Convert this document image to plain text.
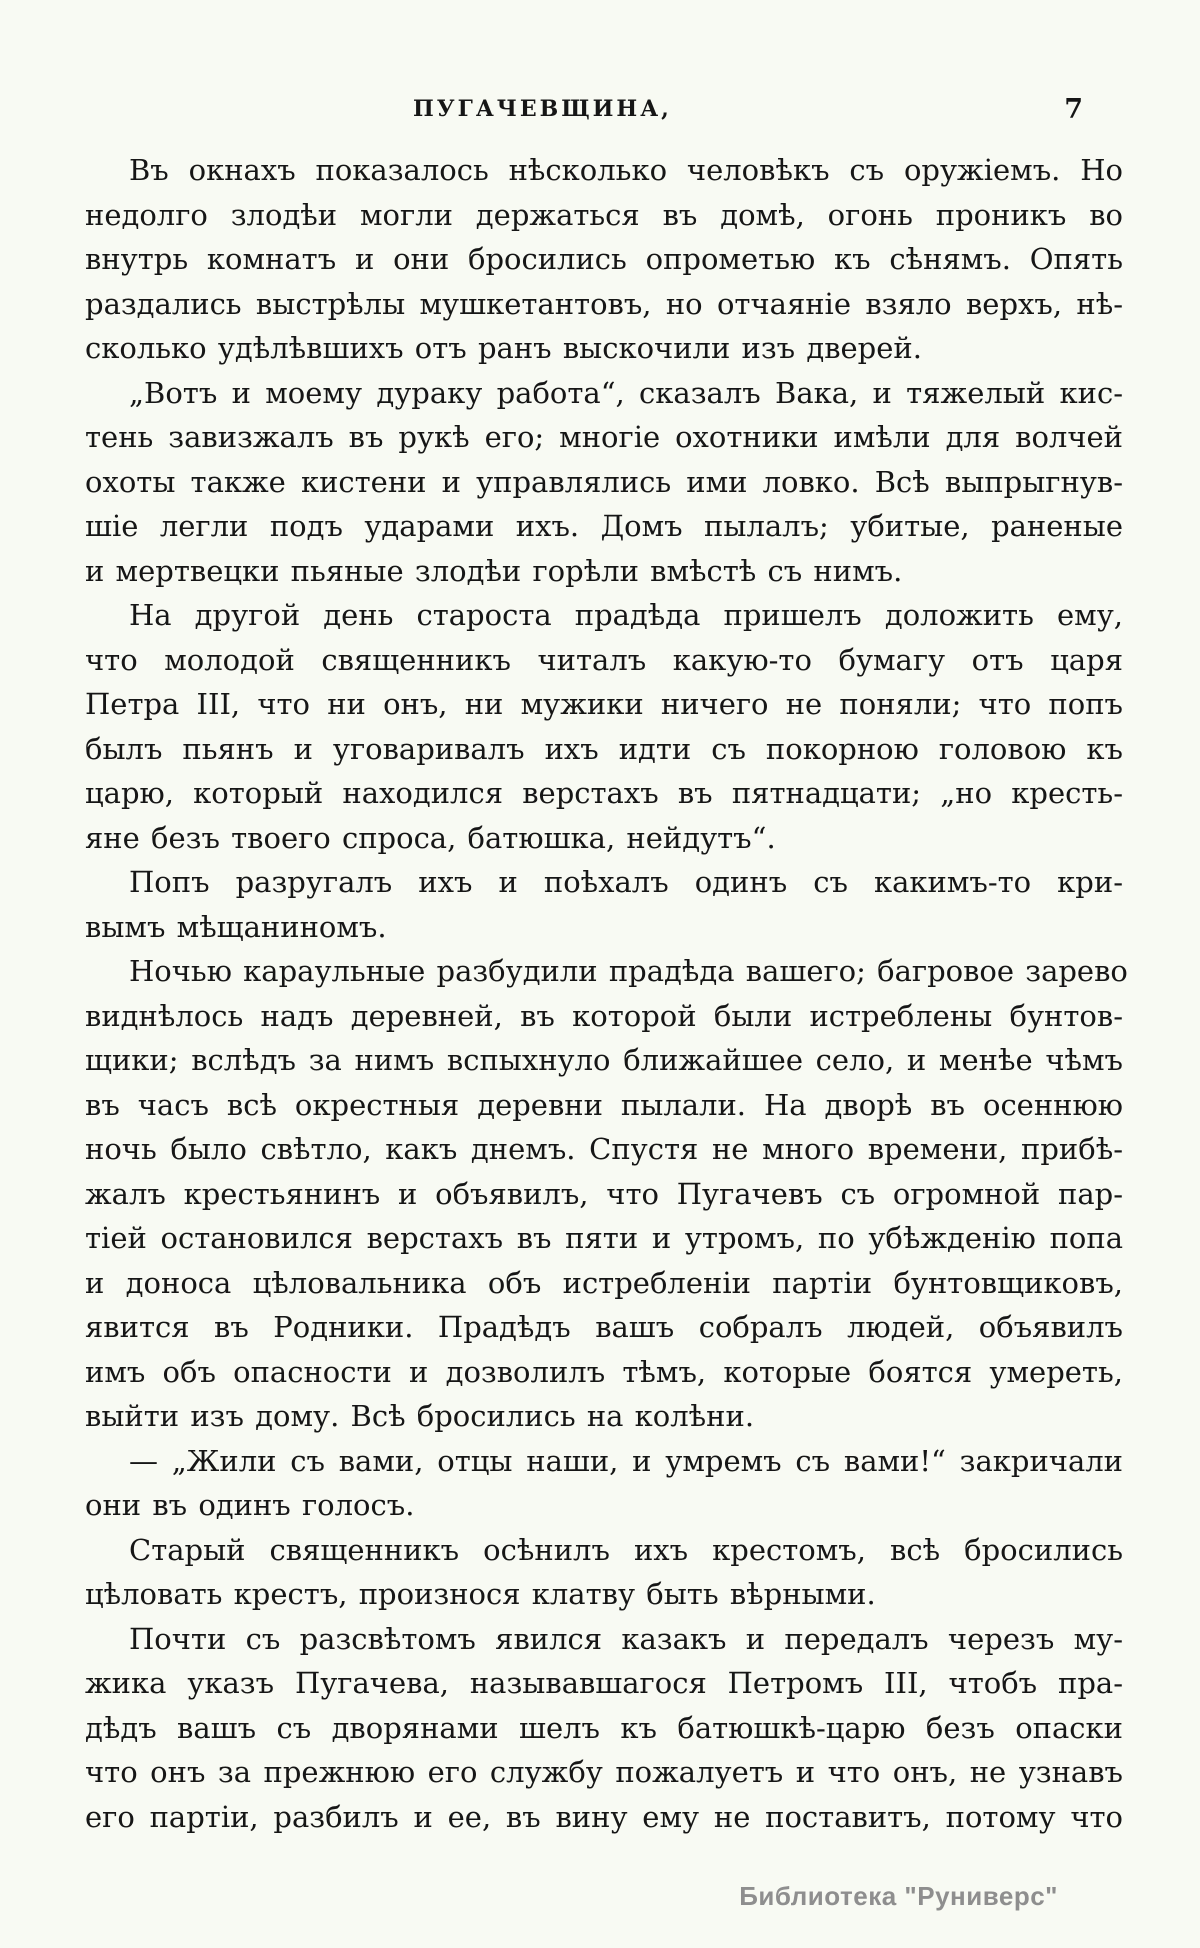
ПУГАЧЕВЩИНА,	7
Въ окнахъ показалось нѣсколько человѣкъ съ оружіемъ. Но
недолго злодѣи могли держаться въ домѣ, огонь проникъ во
внутрь комнатъ и они бросились опрометью къ сѣнямъ. Опять
раздались выстрѣлы мушкетантовъ, но отчаяніе взяло верхъ, нѣ-
сколько удѣлѣвшихъ отъ ранъ выскочили изъ дверей.
„Вотъ и моему дураку работа“, сказалъ Вака, и тяжелый кис-
тень завизжалъ въ рукѣ его; многіе охотники имѣли для волчей
охоты также кистени и управлялись ими ловко. Всѣ выпрыгнув-
шіе легли подъ ударами ихъ. Домъ пылалъ; убитые, раненые
и мертвецки пьяные злодѣи горѣли вмѣстѣ съ нимъ.
На другой день староста прадѣда пришелъ доложить ему,
что молодой священникъ читалъ какую-то бумагу отъ царя
Петра III, что ни онъ, ни мужики ничего не поняли; что попъ
былъ пьянъ и уговаривалъ ихъ идти съ покорною головою къ
царю, который находился верстахъ въ пятнадцати; „но кресть-
яне безъ твоего спроса, батюшка, нейдутъ“.
Попъ разругалъ ихъ и поѣхалъ одинъ съ какимъ-то кри-
вымъ мѣщаниномъ.
Ночью караульные разбудили прадѣда вашего; багровое зарево
виднѣлось надъ деревней, въ которой были истреблены бунтов-
щики; вслѣдъ за нимъ вспыхнуло ближайшее село, и менѣе чѣмъ
въ часъ всѣ окрестныя деревни пылали. На дворѣ въ осеннюю
ночь было свѣтло, какъ днемъ. Спустя не много времени, прибѣ-
жалъ крестьянинъ и объявилъ, что Пугачевъ съ огромной пар-
тіей остановился верстахъ въ пяти и утромъ, по убѣжденію попа
и доноса цѣловальника объ истребленіи партіи бунтовщиковъ,
явится въ Родники. Прадѣдъ вашъ собралъ людей, объявилъ
имъ объ опасности и дозволилъ тѣмъ, которые боятся умереть,
выйти изъ дому. Всѣ бросились на колѣни.
— „Жили съ вами, отцы наши, и умремъ съ вами!“ закричали
они въ одинъ голосъ.
Старый священникъ осѣнилъ ихъ крестомъ, всѣ бросились
цѣловать крестъ, произнося клатву быть вѣрными.
Почти съ разсвѣтомъ явился казакъ и передалъ черезъ му-
жика указъ Пугачева, называвшагося Петромъ III, чтобъ пра-
дѣдъ вашъ съ дворянами шелъ къ батюшкѣ-царю безъ опаски
что онъ за прежнюю его службу пожалуетъ и что онъ, не узнавъ
его партіи, разбилъ и ее, въ вину ему не поставитъ, потому что
Библиотека "Руниверс"
